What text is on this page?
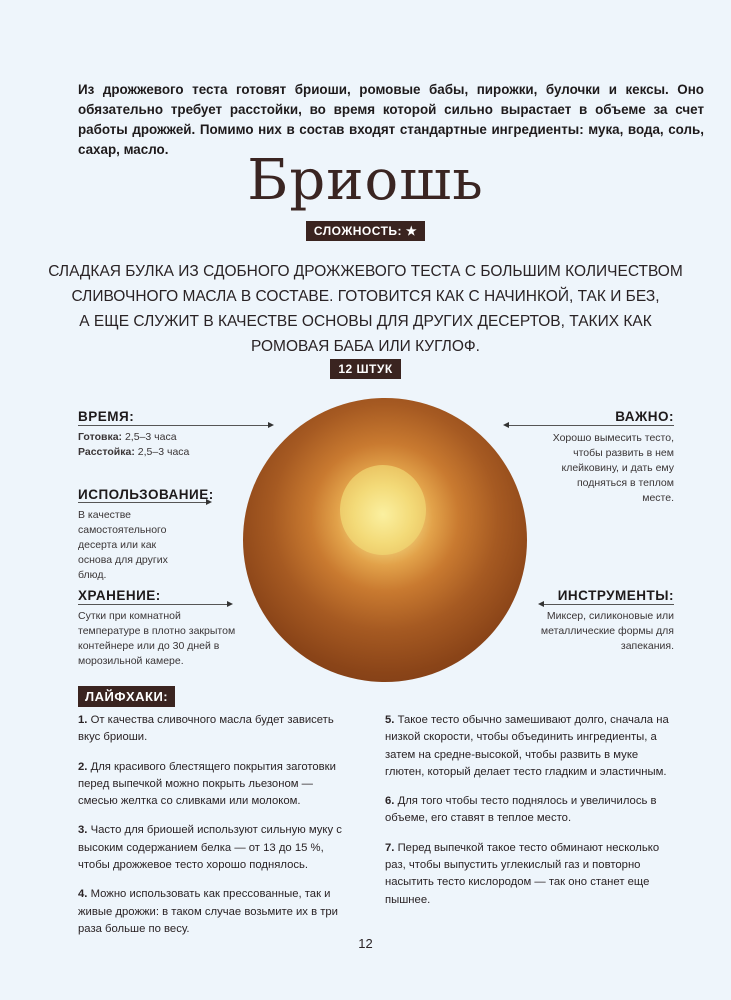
Из дрожжевого теста готовят бриоши, ромовые бабы, пирожки, булочки и кексы. Оно обязательно требует расстойки, во время которой сильно вырастает в объеме за счет работы дрожжей. Помимо них в состав входят стандартные ингредиенты: мука, вода, соль, сахар, масло.	Бриошь
СЛОЖНОСТЬ: ★
СЛАДКАЯ БУЛКА ИЗ СДОБНОГО ДРОЖЖЕВОГО ТЕСТА С БОЛЬШИМ КОЛИЧЕСТВОМ
СЛИВОЧНОГО МАСЛА В СОСТАВЕ. ГОТОВИТСЯ КАК С НАЧИНКОЙ, ТАК И БЕЗ,
А ЕЩЕ СЛУЖИТ В КАЧЕСТВЕ ОСНОВЫ ДЛЯ ДРУГИХ ДЕСЕРТОВ, ТАКИХ КАК
РОМОВАЯ БАБА ИЛИ КУГЛОФ.
12 ШТУК
ВРЕМЯ:
Готовка: 2,5–3 часа
Расстойка: 2,5–3 часа
ИСПОЛЬЗОВАНИЕ:
В качестве самостоятельного десерта или как основа для других блюд.
ХРАНЕНИЕ:
Сутки при комнатной температуре в плотно закрытом контейнере или до 30 дней в морозильной камере.
ВАЖНО:
Хорошо вымесить тесто, чтобы развить в нем клейковину, и дать ему подняться в теплом месте.
ИНСТРУМЕНТЫ:
Миксер, силиконовые или металлические формы для запекания.
ЛАЙФХАКИ:

1. От качества сливочного масла будет зависеть вкус бриоши.

2. Для красивого блестящего покрытия заготовки перед выпечкой можно покрыть льезоном — смесью желтка со сливками или молоком.

3. Часто для бриошей используют сильную муку с высоким содержанием белка — от 13 до 15 %, чтобы дрожжевое тесто хорошо поднялось.

4. Можно использовать как прессованные, так и живые дрожжи: в таком случае возьмите их в три раза больше по весу.

5. Такое тесто обычно замешивают долго, сначала на низкой скорости, чтобы объединить ингредиенты, а затем на средне-высокой, чтобы развить в муке глютен, который делает тесто гладким и эластичным.

6. Для того чтобы тесто поднялось и увеличилось в объеме, его ставят в теплое место.

7. Перед выпечкой такое тесто обминают несколько раз, чтобы выпустить углекислый газ и повторно насытить тесто кислородом — так оно станет еще пышнее.

12
